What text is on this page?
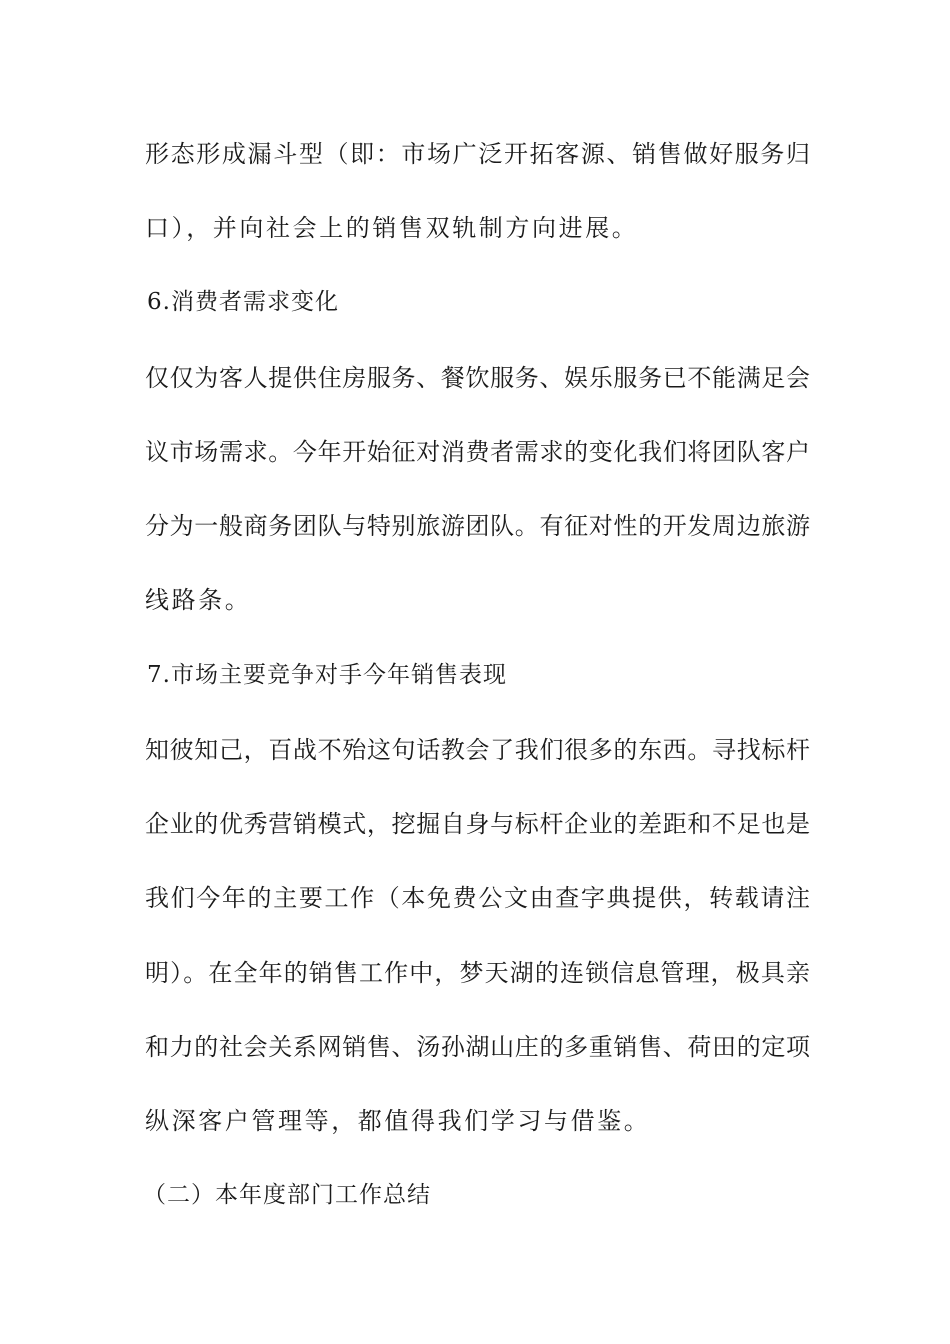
形态形成漏斗型（即：市场广泛开拓客源、销售做好服务归
口），并向社会上的销售双轨制方向进展。
6.消费者需求变化
仅仅为客人提供住房服务、餐饮服务、娱乐服务已不能满足会
议市场需求。今年开始征对消费者需求的变化我们将团队客户
分为一般商务团队与特别旅游团队。有征对性的开发周边旅游
线路条。
7.市场主要竞争对手今年销售表现
知彼知己，百战不殆这句话教会了我们很多的东西。寻找标杆
企业的优秀营销模式，挖掘自身与标杆企业的差距和不足也是
我们今年的主要工作（本免费公文由查字典提供，转载请注
明）。在全年的销售工作中，梦天湖的连锁信息管理，极具亲
和力的社会关系网销售、汤孙湖山庄的多重销售、荷田的定项
纵深客户管理等，都值得我们学习与借鉴。
（二）本年度部门工作总结
